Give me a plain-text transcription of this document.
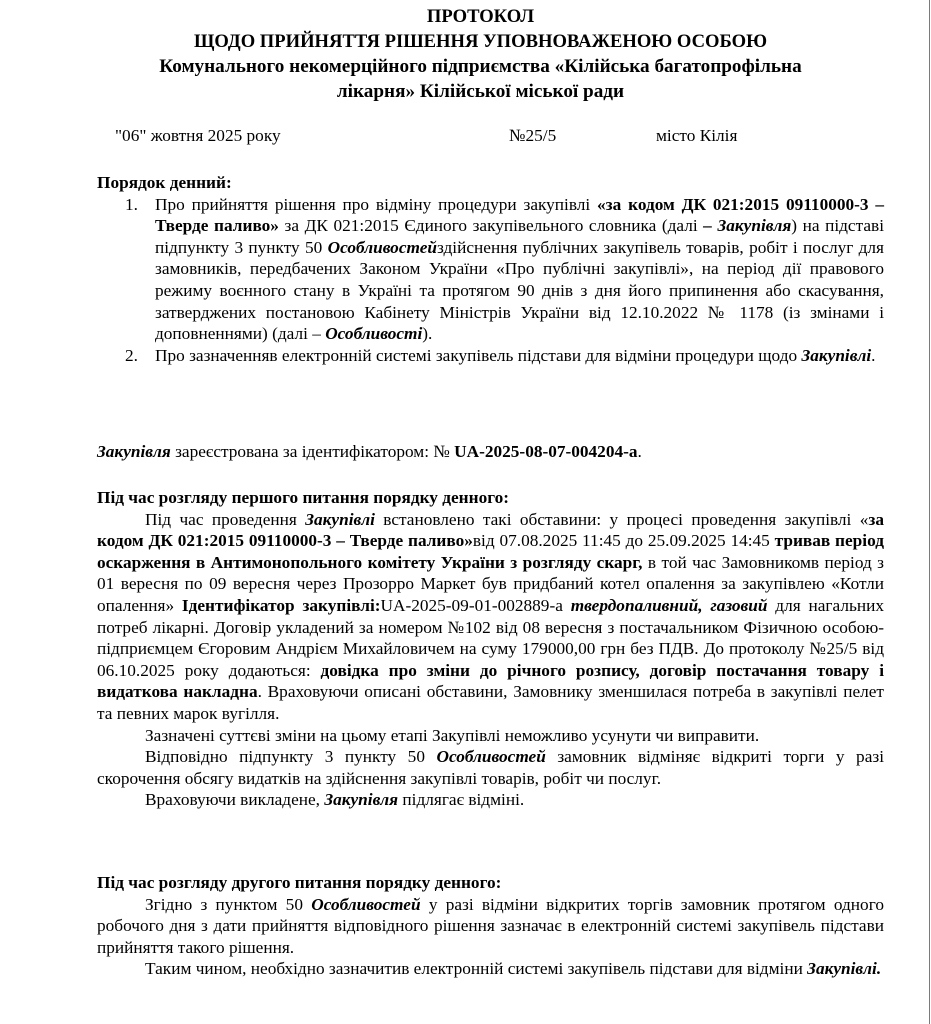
ПРОТОКОЛ
ЩОДО ПРИЙНЯТТЯ РІШЕННЯ УПОВНОВАЖЕНОЮ ОСОБОЮ
Комунального некомерційного підприємства «Кілійська багатопрофільна
лікарня» Кілійської міської ради
"06" жовтня 2025 року	№25/5	місто Кілія
Порядок денний:
1. Про прийняття рішення про відміну процедури закупівлі «за кодом ДК 021:2015 09110000-3 – Тверде паливо» за ДК 021:2015 Єдиного закупівельного словника (далі – Закупівля) на підставі підпункту 3 пункту 50 Особливостейздійснення публічних закупівель товарів, робіт і послуг для замовників, передбачених Законом України «Про публічні закупівлі», на період дії правового режиму воєнного стану в Україні та протягом 90 днів з дня його припинення або скасування, затверджених постановою Кабінету Міністрів України від 12.10.2022 № 1178 (із змінами і доповненнями) (далі – Особливості).
2. Про зазначенняв електронній системі закупівель підстави для відміни процедури щодо Закупівлі.

Закупівля зареєстрована за ідентифікатором: № UA-2025-08-07-004204-а.

Під час розгляду першого питання порядку денного:

Під час проведення Закупівлі встановлено такі обставини: у процесі проведення закупівлі «за кодом ДК 021:2015 09110000-3 – Тверде паливо»від 07.08.2025 11:45 до 25.09.2025 14:45 тривав період оскарження в Антимонопольного комітету України з розгляду скарг, в той час Замовникомв період з 01 вересня по 09 вересня через Прозорро Маркет був придбаний котел опалення за закупівлею «Котли опалення» Ідентифікатор закупівлі:UA-2025-09-01-002889-а твердопаливний, газовий для нагальних потреб лікарні. Договір укладений за номером №102 від 08 вересня з постачальником Фізичною особою-підприємцем Єгоровим Андрієм Михайловичем на суму 179000,00 грн без ПДВ. До протоколу №25/5 від 06.10.2025 року додаються: довідка про зміни до річного розпису, договір постачання товару і видаткова накладна. Враховуючи описані обставини, Замовнику зменшилася потреба в закупівлі пелет та певних марок вугілля.

Зазначені суттєві зміни на цьому етапі Закупівлі неможливо усунути чи виправити.

Відповідно підпункту 3 пункту 50 Особливостей замовник відміняє відкриті торги у разі скорочення обсягу видатків на здійснення закупівлі товарів, робіт чи послуг.

Враховуючи викладене, Закупівля підлягає відміні.

Під час розгляду другого питання порядку денного:

Згідно з пунктом 50 Особливостей у разі відміни відкритих торгів замовник протягом одного робочого дня з дати прийняття відповідного рішення зазначає в електронній системі закупівель підстави прийняття такого рішення.

Таким чином, необхідно зазначитив електронній системі закупівель підстави для відміни Закупівлі.
